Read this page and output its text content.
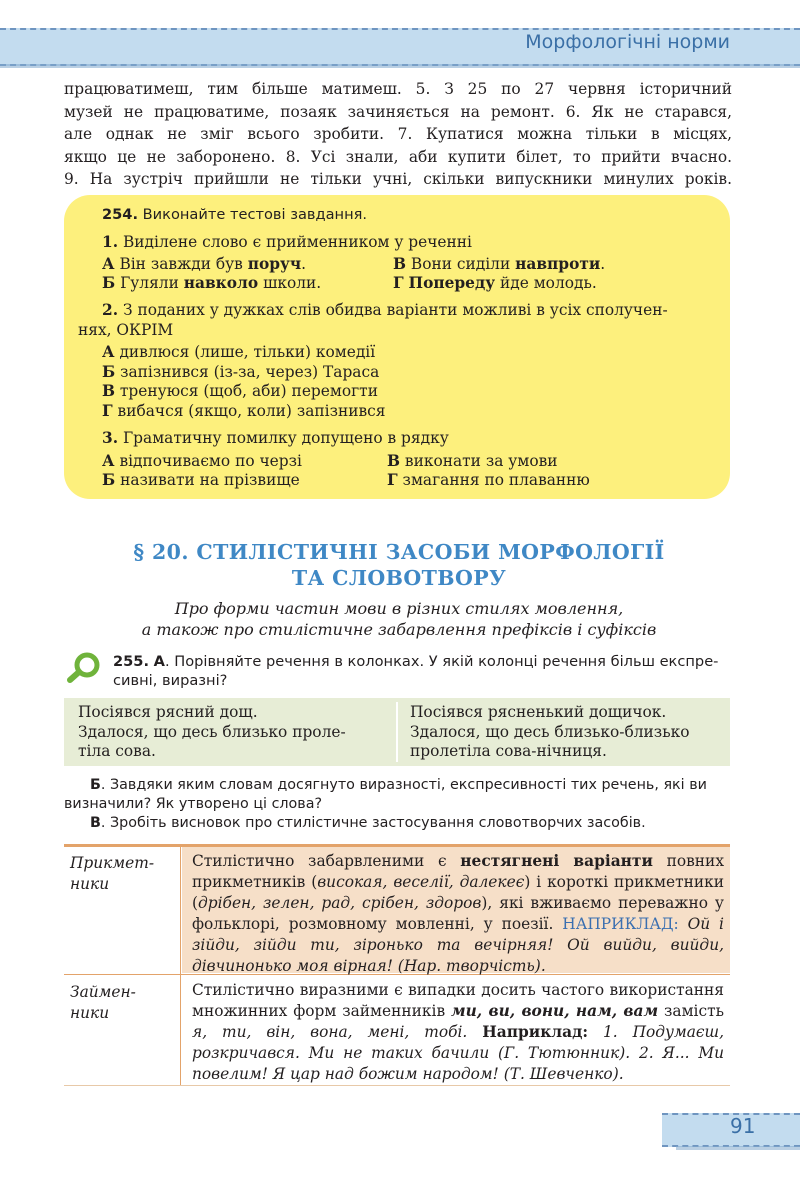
Морфологічні норми

працюватимеш, тим більше матимеш. 5. З 25 по 27 червня історичний

музей не працюватиме, позаяк зачиняється на ремонт. 6. Як не старався,

але однак не зміг всього зробити. 7. Купатися можна тільки в місцях,

якщо це не заборонено. 8. Усі знали, аби купити білет, то прийти вчасно.

9. На зустріч прийшли не тільки учні, скільки випускники минулих років.

254. Виконайте тестові завдання.
1. Виділене слово є прийменником у реченні
А Він завжди був поруч.
Б Гуляли навколо школи.
В Вони сиділи навпроти.
Г Попереду йде молодь.
2. З поданих у дужках слів обидва варіанти можливі в усіх сполучен-
нях, ОКРІМ
А дивлюся (лише, тільки) комедії
Б запізнився (із-за, через) Тараса
В тренуюся (щоб, аби) перемогти
Г вибачся (якщо, коли) запізнився
3. Граматичну помилку допущено в рядку
А відпочиваємо по черзі
Б називати на прізвище
В виконати за умови
Г змагання по плаванню
§ 20. СТИЛІСТИЧНІ ЗАСОБИ МОРФОЛОГІЇ
ТА СЛОВОТВОРУ
Про форми частин мови в різних стилях мовлення,
а також про стилістичне забарвлення префіксів і суфіксів
255. А. Порівняйте речення в колонках. У якій колонці речення більш експре-
сивні, виразні?
Посіявся рясний дощ.
Здалося, що десь близько проле-
тіла сова.
Посіявся рясненький дощичок.
Здалося, що десь близько-близько
пролетіла сова-нічниця.
Б. Завдяки яким словам досягнуто виразності, експресивності тих речень, які ви
визначили? Як утворено ці слова?
В. Зробіть висновок про стилістичне застосування словотворчих засобів.
Прикмет-
ники
Стилістично забарвленими є нестягнені варіанти повних прикметників (високая, веселії, далекеє) і короткі прикметники (дрібен, зелен, рад, срібен, здоров), які вживаємо переважно у фольклорі, розмовному мовленні, у поезії. НАПРИКЛАД: Ой і зійди, зійди ти, зіронько та вечірняя! Ой вийди, вийди, дівчинонько моя вірная! (Нар. творчість).
Займен-
ники
Стилістично виразними є випадки досить частого використання множинних форм займенників ми, ви, вони, нам, вам замість я, ти, він, вона, мені, тобі. Наприклад: 1. Подумаєш, розкричався. Ми не таких бачили (Г. Тютюнник). 2. Я... Ми повелим! Я цар над божим народом! (Т. Шевченко).
91
